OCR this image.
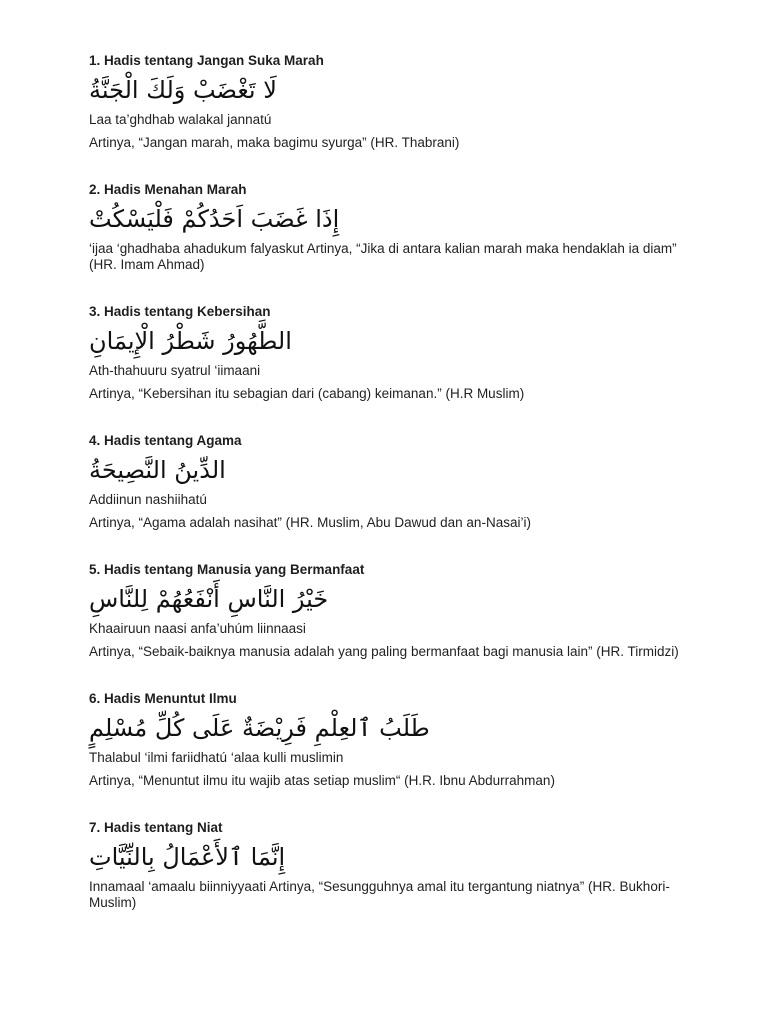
1. Hadis tentang Jangan Suka Marah

لَا تَغْضَبْ وَلَكَ الْجَنَّةُ

Laa ta’ghdhab walakal jannatú

Artinya, “Jangan marah, maka bagimu syurga” (HR. Thabrani)

2. Hadis Menahan Marah

إِذَا غَضَبَ اَحَدُكُمْ فَلْيَسْكُتْ

‘ijaa ‘ghadhaba ahadukum falyaskut Artinya, “Jika di antara kalian marah maka hendaklah ia diam” (HR. Imam Ahmad)

3. Hadis tentang Kebersihan

الطَّهُورُ شَطْرُ الْإِيمَانِ

Ath-thahuuru syatrul ‘iimaani

Artinya, “Kebersihan itu sebagian dari (cabang) keimanan.” (H.R Muslim)

4. Hadis tentang Agama

الدِّينُ النَّصِيحَةُ

Addiinun nashiihatú

Artinya, “Agama adalah nasihat” (HR. Muslim, Abu Dawud dan an-Nasai’i)

5. Hadis tentang Manusia yang Bermanfaat

خَيْرُ النَّاسِ أَنْفَعُهُمْ لِلنَّاسِ

Khaairuun naasi anfa’uhúm liinnaasi

Artinya, “Sebaik-baiknya manusia adalah yang paling bermanfaat bagi manusia lain” (HR. Tirmidzi)

6. Hadis Menuntut Ilmu

طَلَبُ ٱلعِلْمِ فَرِيْضَةٌ عَلَى كُلِّ مُسْلِمٍ

Thalabul ‘ilmi fariidhatú ‘alaa kulli muslimin

Artinya, “Menuntut ilmu itu wajib atas setiap muslim“ (H.R. Ibnu Abdurrahman)

7. Hadis tentang Niat

إِنَّمَا ٱلأَعْمَالُ بِالنِّيَّاتِ

Innamaal ‘amaalu biinniyyaati Artinya, “Sesungguhnya amal itu tergantung niatnya” (HR. Bukhori-Muslim)
